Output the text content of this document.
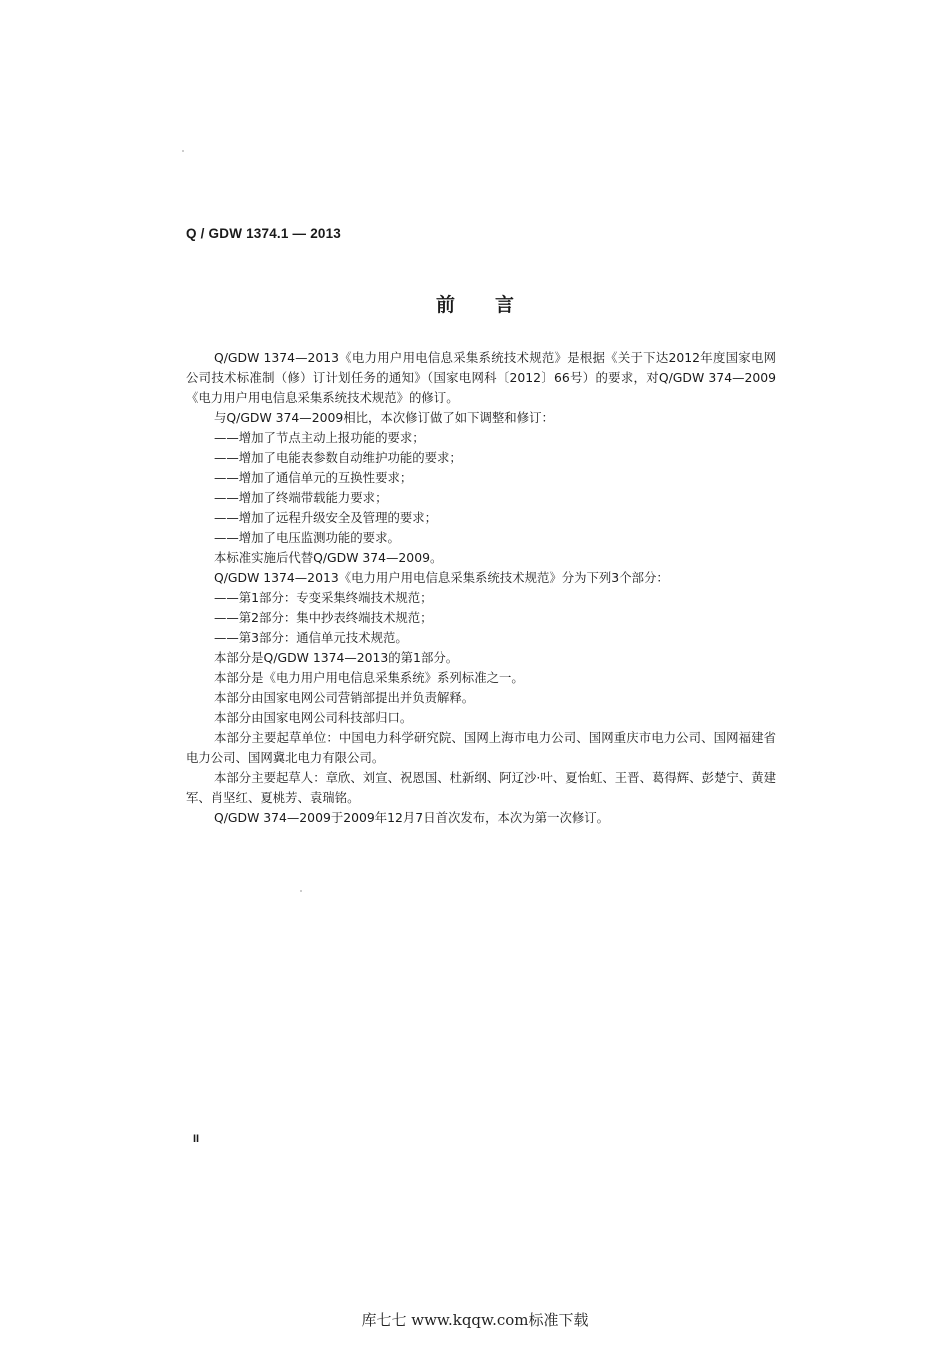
Q / GDW 1374.1 — 2013
前言

Q/GDW 1374—2013《电力用户用电信息采集系统技术规范》是根据《关于下达2012年度国家电网公司技术标准制（修）订计划任务的通知》（国家电网科〔2012〕66号）的要求，对Q/GDW 374—2009《电力用户用电信息采集系统技术规范》的修订。

与Q/GDW 374—2009相比，本次修订做了如下调整和修订：

——增加了节点主动上报功能的要求；

——增加了电能表参数自动维护功能的要求；

——增加了通信单元的互换性要求；

——增加了终端带载能力要求；

——增加了远程升级安全及管理的要求；

——增加了电压监测功能的要求。

本标准实施后代替Q/GDW 374—2009。

Q/GDW 1374—2013《电力用户用电信息采集系统技术规范》分为下列3个部分：

——第1部分：专变采集终端技术规范；

——第2部分：集中抄表终端技术规范；

——第3部分：通信单元技术规范。

本部分是Q/GDW 1374—2013的第1部分。

本部分是《电力用户用电信息采集系统》系列标准之一。

本部分由国家电网公司营销部提出并负责解释。

本部分由国家电网公司科技部归口。

本部分主要起草单位：中国电力科学研究院、国网上海市电力公司、国网重庆市电力公司、国网福建省电力公司、国网冀北电力有限公司。

本部分主要起草人：章欣、刘宣、祝恩国、杜新纲、阿辽沙·叶、夏怡虹、王晋、葛得辉、彭楚宁、黄建军、肖坚红、夏桃芳、袁瑞铭。

Q/GDW 374—2009于2009年12月7日首次发布，本次为第一次修订。

II
库七七 www.kqqw.com标准下载
